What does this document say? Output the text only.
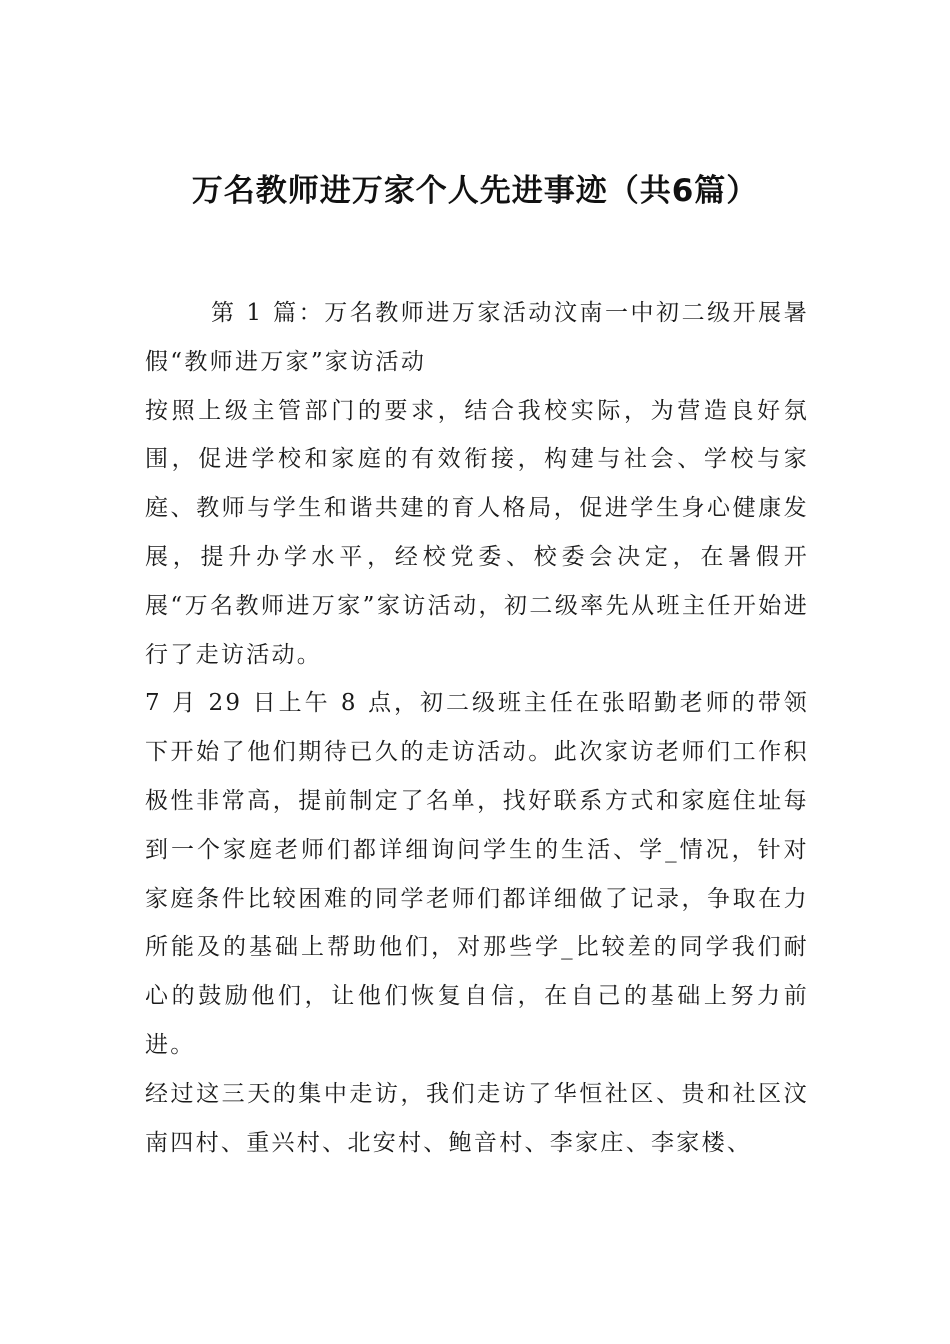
万名教师进万家个人先进事迹（共6篇）

第 1 篇：万名教师进万家活动汶南一中初二级开展暑假“教师进万家”家访活动

按照上级主管部门的要求，结合我校实际，为营造良好氛围，促进学校和家庭的有效衔接，构建与社会、学校与家庭、教师与学生和谐共建的育人格局，促进学生身心健康发展，提升办学水平，经校党委、校委会决定，在暑假开展“万名教师进万家”家访活动，初二级率先从班主任开始进行了走访活动。

7 月 29 日上午 8 点，初二级班主任在张昭勤老师的带领下开始了他们期待已久的走访活动。此次家访老师们工作积极性非常高，提前制定了名单，找好联系方式和家庭住址每到一个家庭老师们都详细询问学生的生活、学_情况，针对家庭条件比较困难的同学老师们都详细做了记录，争取在力所能及的基础上帮助他们，对那些学_比较差的同学我们耐心的鼓励他们，让他们恢复自信，在自己的基础上努力前进。

经过这三天的集中走访，我们走访了华恒社区、贵和社区汶南四村、重兴村、北安村、鲍音村、李家庄、李家楼、
